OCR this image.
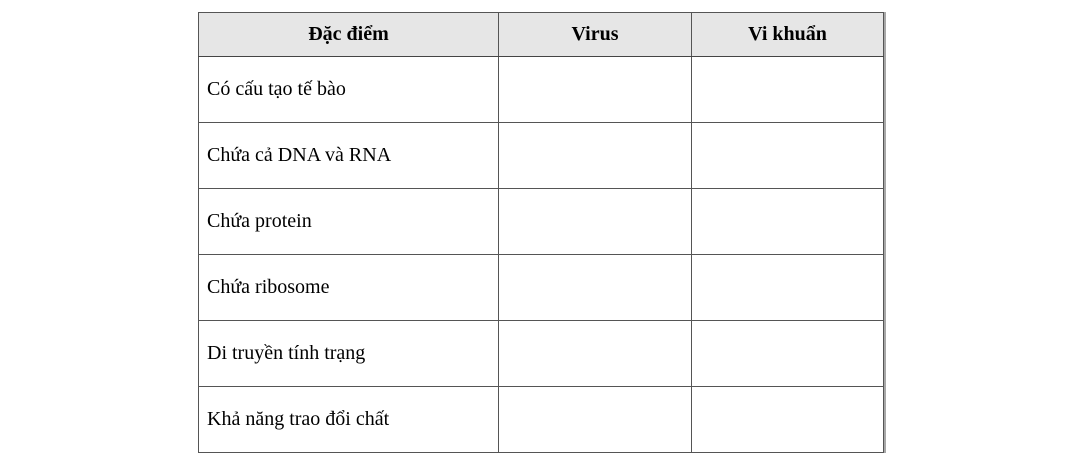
Đặc điểm	Virus	Vi khuẩn
Có cấu tạo tế bào		
Chứa cả DNA và RNA		
Chứa protein		
Chứa ribosome		
Di truyền tính trạng		
Khả năng trao đổi chất		
